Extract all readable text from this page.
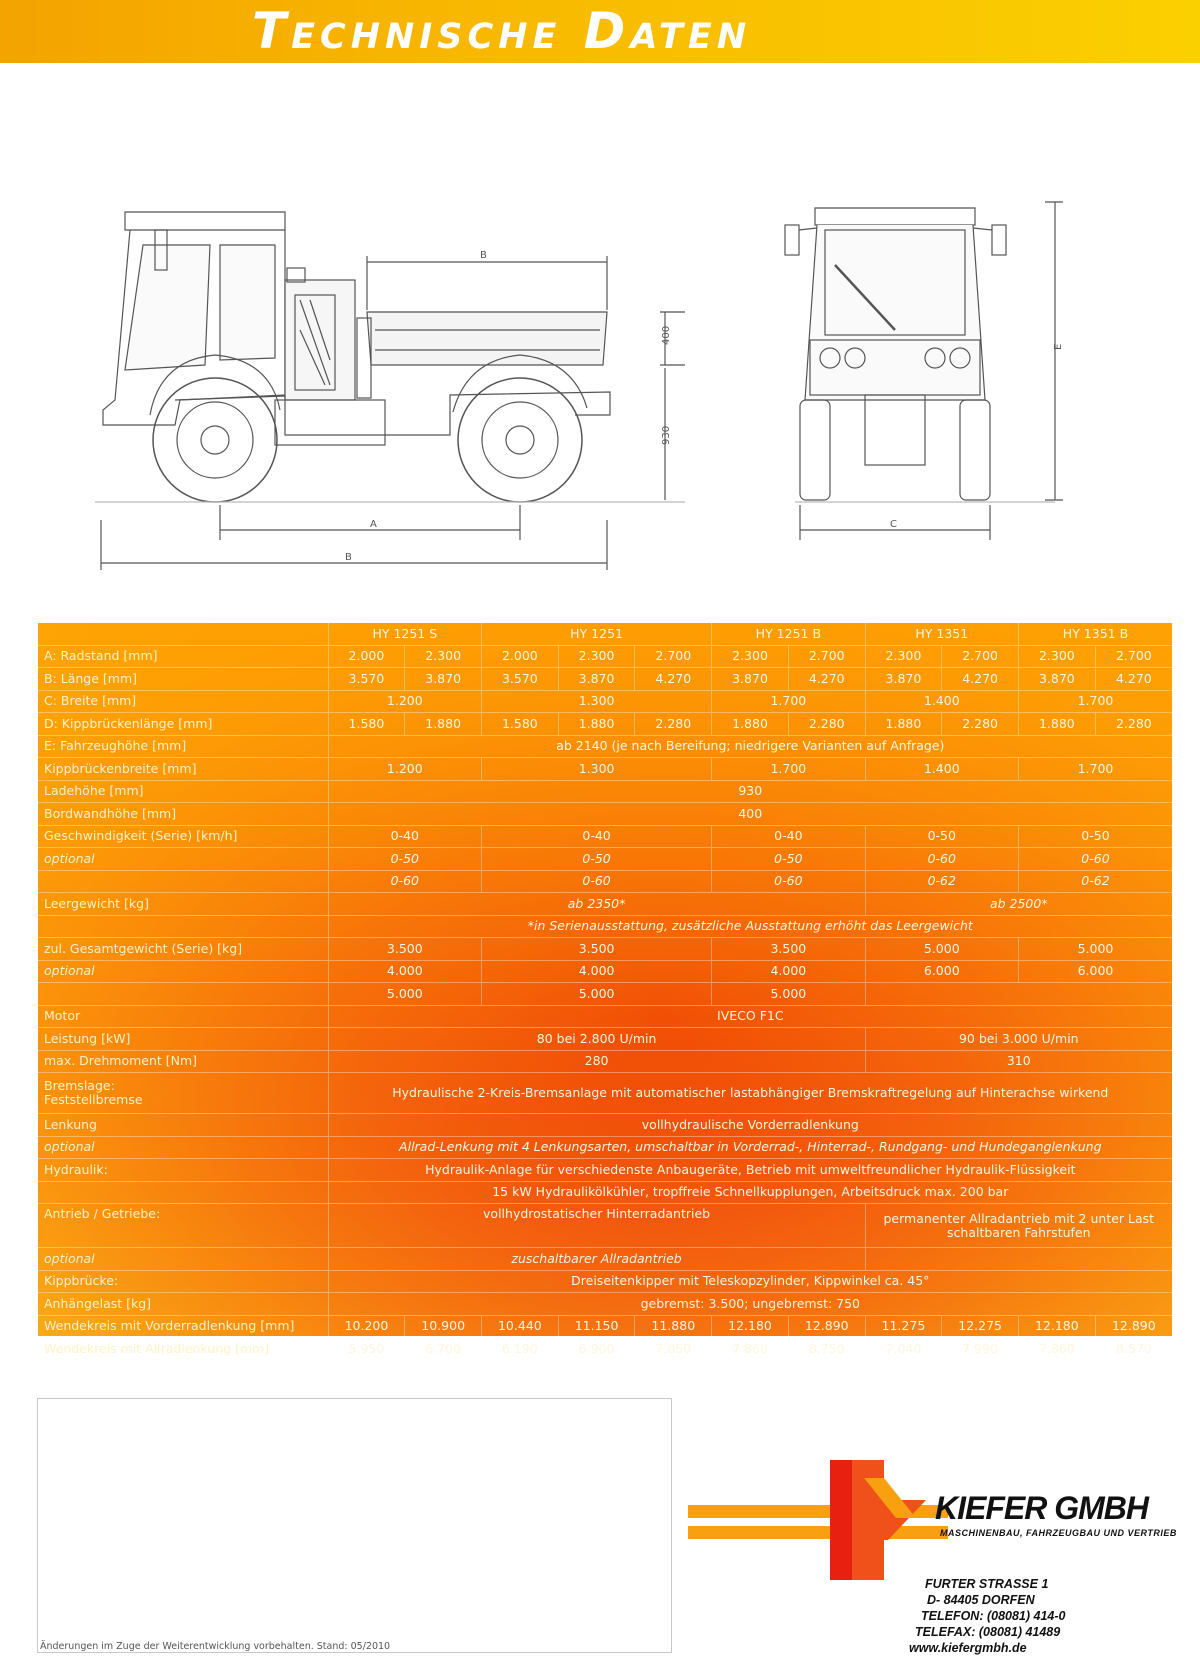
Technische Daten
B
A
B
400
930
C
E
	HY 1251 S		HY 1251			HY 1251 B		HY 1351		HY 1351 B	
A: Radstand [mm]	2.000	2.300	2.000	2.300	2.700	2.300	2.700	2.300	2.700	2.300	2.700
B: Länge [mm]	3.570	3.870	3.570	3.870	4.270	3.870	4.270	3.870	4.270	3.870	4.270
C: Breite [mm]	1.200		1.300			1.700		1.400		1.700	
D: Kippbrückenlänge [mm]	1.580	1.880	1.580	1.880	2.280	1.880	2.280	1.880	2.280	1.880	2.280
E: Fahrzeughöhe [mm]	ab 2140 (je nach Bereifung; niedrigere Varianten auf Anfrage)										
Kippbrückenbreite [mm]	1.200		1.300			1.700		1.400		1.700	
Ladehöhe [mm]	930										
Bordwandhöhe [mm]	400										
Geschwindigkeit (Serie) [km/h]	0-40		0-40			0-40		0-50		0-50	
optional	0-50		0-50			0-50		0-60		0-60	
	0-60		0-60			0-60		0-62		0-62	
Leergewicht [kg]	ab 2350*							ab 2500*			
	*in Serienausstattung, zusätzliche Ausstattung erhöht das Leergewicht										
zul. Gesamtgewicht (Serie) [kg]	3.500		3.500			3.500		5.000		5.000	
optional	4.000		4.000			4.000		6.000		6.000	
	5.000		5.000			5.000					
Motor	IVECO F1C										
Leistung [kW]	80 bei 2.800 U/min							90 bei 3.000 U/min			
max. Drehmoment [Nm]	280							310			

Bremslage:
Feststellbremse	Hydraulische 2-Kreis-Bremsanlage mit automatischer lastabhängiger Bremskraftregelung auf Hinterachse wirkend										
Lenkung	vollhydraulische Vorderradlenkung										
optional	Allrad-Lenkung mit 4 Lenkungsarten, umschaltbar in Vorderrad-, Hinterrad-, Rundgang- und Hundeganglenkung										
Hydraulik:	Hydraulik-Anlage für verschiedenste Anbaugeräte, Betrieb mit umweltfreundlicher Hydraulik-Flüssigkeit										
	15 kW Hydraulikölkühler, tropffreie Schnellkupplungen, Arbeitsdruck max. 200 bar										
Antrieb / Getriebe:	vollhydrostatischer Hinterradantrieb							permanenter Allradantrieb mit 2 unter Last schaltbaren Fahrstufen			
optional	zuschaltbarer Allradantrieb										
Kippbrücke:	Dreiseitenkipper mit Teleskopzylinder, Kippwinkel ca. 45°										
Anhängelast [kg]	gebremst: 3.500; ungebremst: 750										
Wendekreis mit Vorderradlenkung [mm]	10.200	10.900	10.440	11.150	11.880	12.180	12.890	11.275	12.275	12.180	12.890
Wendekreis mit Allradlenkung [mm]	5.950	6.700	6.190	6.900	7.850	7.860	8.750	7.040	7.990	7.860	8.570
Änderungen im Zuge der Weiterentwicklung vorbehalten. Stand: 05/2010
KIEFER GMBH
MASCHINENBAU, FAHRZEUGBAU UND VERTRIEB
FURTER STRASSE 1
D- 84405 DORFEN
TELEFON: (08081) 414-0
TELEFAX: (08081) 41489
www.kiefergmbh.de
